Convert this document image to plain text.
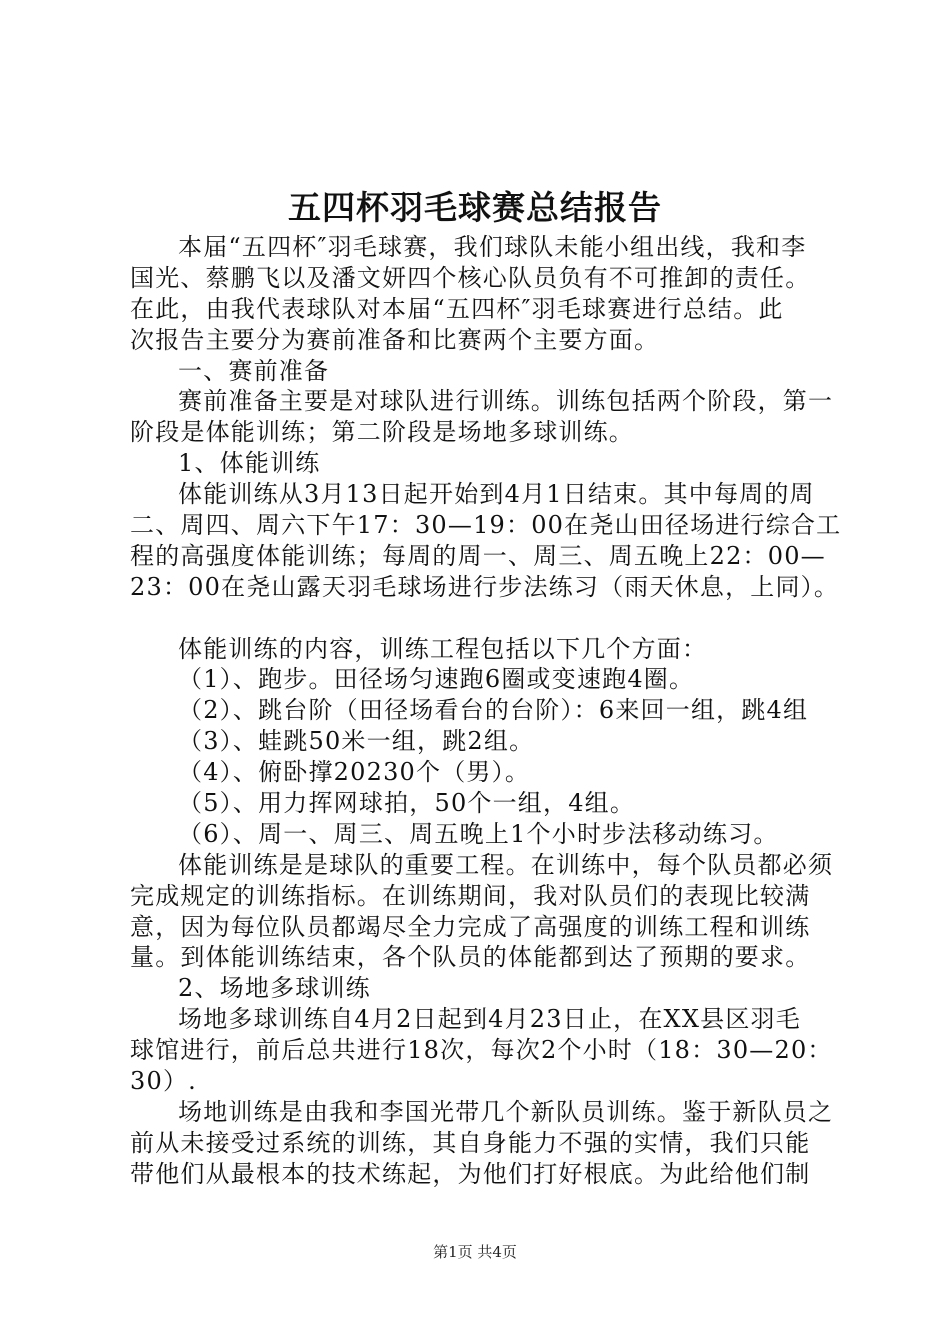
五四杯羽毛球赛总结报告
本届“五四杯″羽毛球赛，我们球队未能小组出线，我和李
国光、蔡鹏飞以及潘文妍四个核心队员负有不可推卸的责任。
在此，由我代表球队对本届“五四杯″羽毛球赛进行总结。此
次报告主要分为赛前准备和比赛两个主要方面。
一、赛前准备
赛前准备主要是对球队进行训练。训练包括两个阶段，第一
阶段是体能训练；第二阶段是场地多球训练。
1、体能训练
体能训练从3月13日起开始到4月1日结束。其中每周的周
二、周四、周六下午17：30—19：00在尧山田径场进行综合工
程的高强度体能训练；每周的周一、周三、周五晚上22：00—
23：00在尧山露天羽毛球场进行步法练习（雨天休息，上同）。
体能训练的内容，训练工程包括以下几个方面：
（1）、跑步。田径场匀速跑6圈或变速跑4圈。
（2）、跳台阶（田径场看台的台阶）：6来回一组，跳4组
（3）、蛙跳50米一组，跳2组。
（4）、俯卧撑20230个（男）。
（5）、用力挥网球拍，50个一组，4组。
（6）、周一、周三、周五晚上1个小时步法移动练习。
体能训练是是球队的重要工程。在训练中，每个队员都必须
完成规定的训练指标。在训练期间，我对队员们的表现比较满
意，因为每位队员都竭尽全力完成了高强度的训练工程和训练
量。到体能训练结束，各个队员的体能都到达了预期的要求。
2、场地多球训练
场地多球训练自4月2日起到4月23日止，在XX县区羽毛
球馆进行，前后总共进行18次，每次2个小时（18：30—20：
30）.
场地训练是由我和李国光带几个新队员训练。鉴于新队员之
前从未接受过系统的训练，其自身能力不强的实情，我们只能
带他们从最根本的技术练起，为他们打好根底。为此给他们制
第1页 共4页
